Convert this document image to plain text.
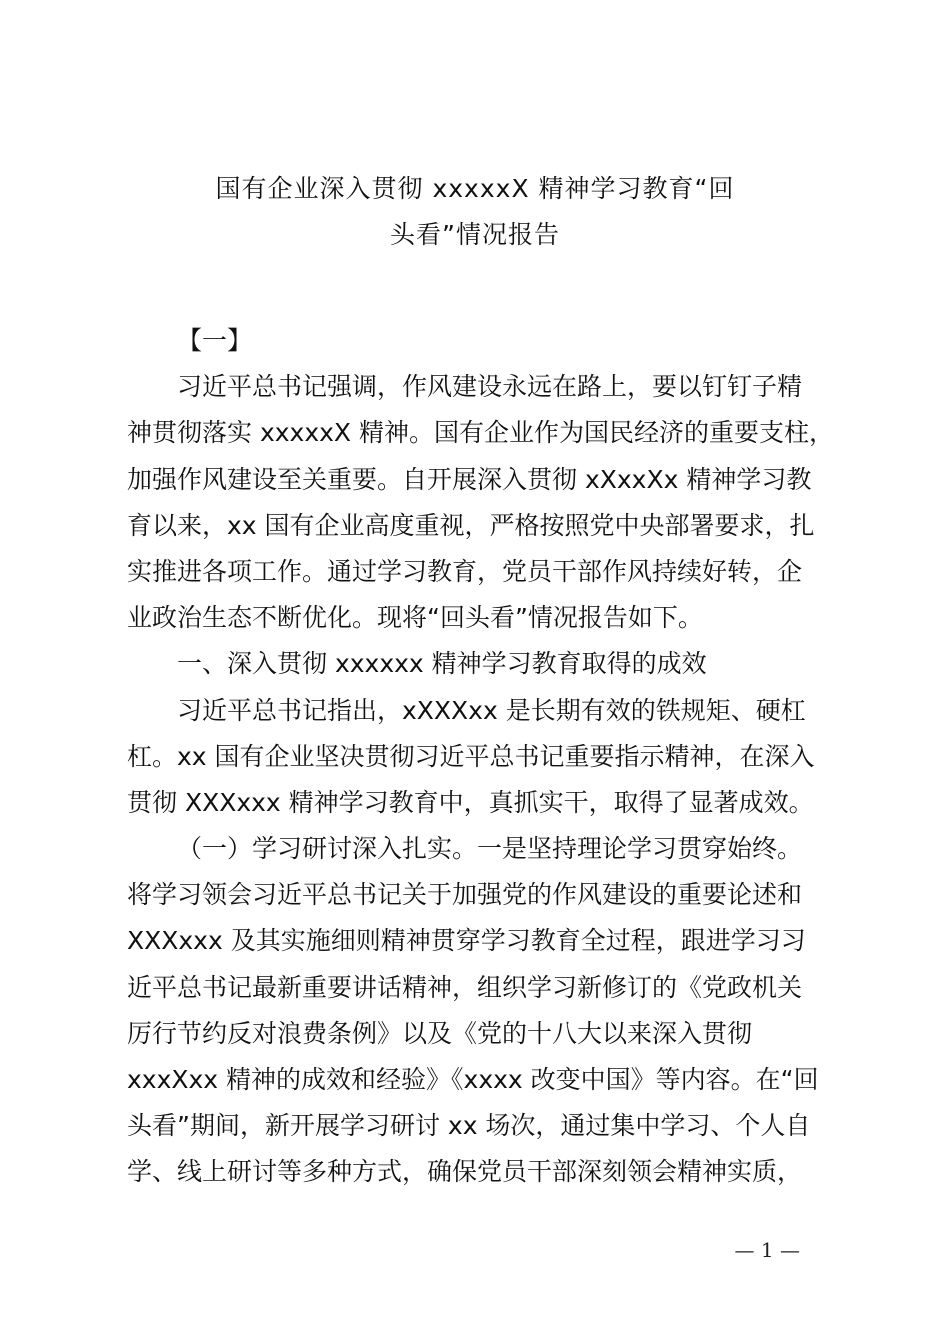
国有企业深入贯彻 xxxxxX 精神学习教育“回
头看”情况报告
【一】
习近平总书记强调，作风建设永远在路上，要以钉钉子精
神贯彻落实 xxxxxX 精神。国有企业作为国民经济的重要支柱，
加强作风建设至关重要。自开展深入贯彻 xXxxXx 精神学习教
育以来，xx 国有企业高度重视，严格按照党中央部署要求，扎
实推进各项工作。通过学习教育，党员干部作风持续好转，企
业政治生态不断优化。现将“回头看”情况报告如下。
一、深入贯彻 xxxxxx 精神学习教育取得的成效
习近平总书记指出，xXXXxx 是长期有效的铁规矩、硬杠
杠。xx 国有企业坚决贯彻习近平总书记重要指示精神，在深入
贯彻 XXXxxx 精神学习教育中，真抓实干，取得了显著成效。
（一）学习研讨深入扎实。一是坚持理论学习贯穿始终。
将学习领会习近平总书记关于加强党的作风建设的重要论述和
XXXxxx 及其实施细则精神贯穿学习教育全过程，跟进学习习
近平总书记最新重要讲话精神，组织学习新修订的《党政机关
厉行节约反对浪费条例》以及《党的十八大以来深入贯彻
xxxXxx 精神的成效和经验》《xxxx 改变中国》等内容。在“回
头看”期间，新开展学习研讨 xx 场次，通过集中学习、个人自
学、线上研讨等多种方式，确保党员干部深刻领会精神实质，
— 1 —
